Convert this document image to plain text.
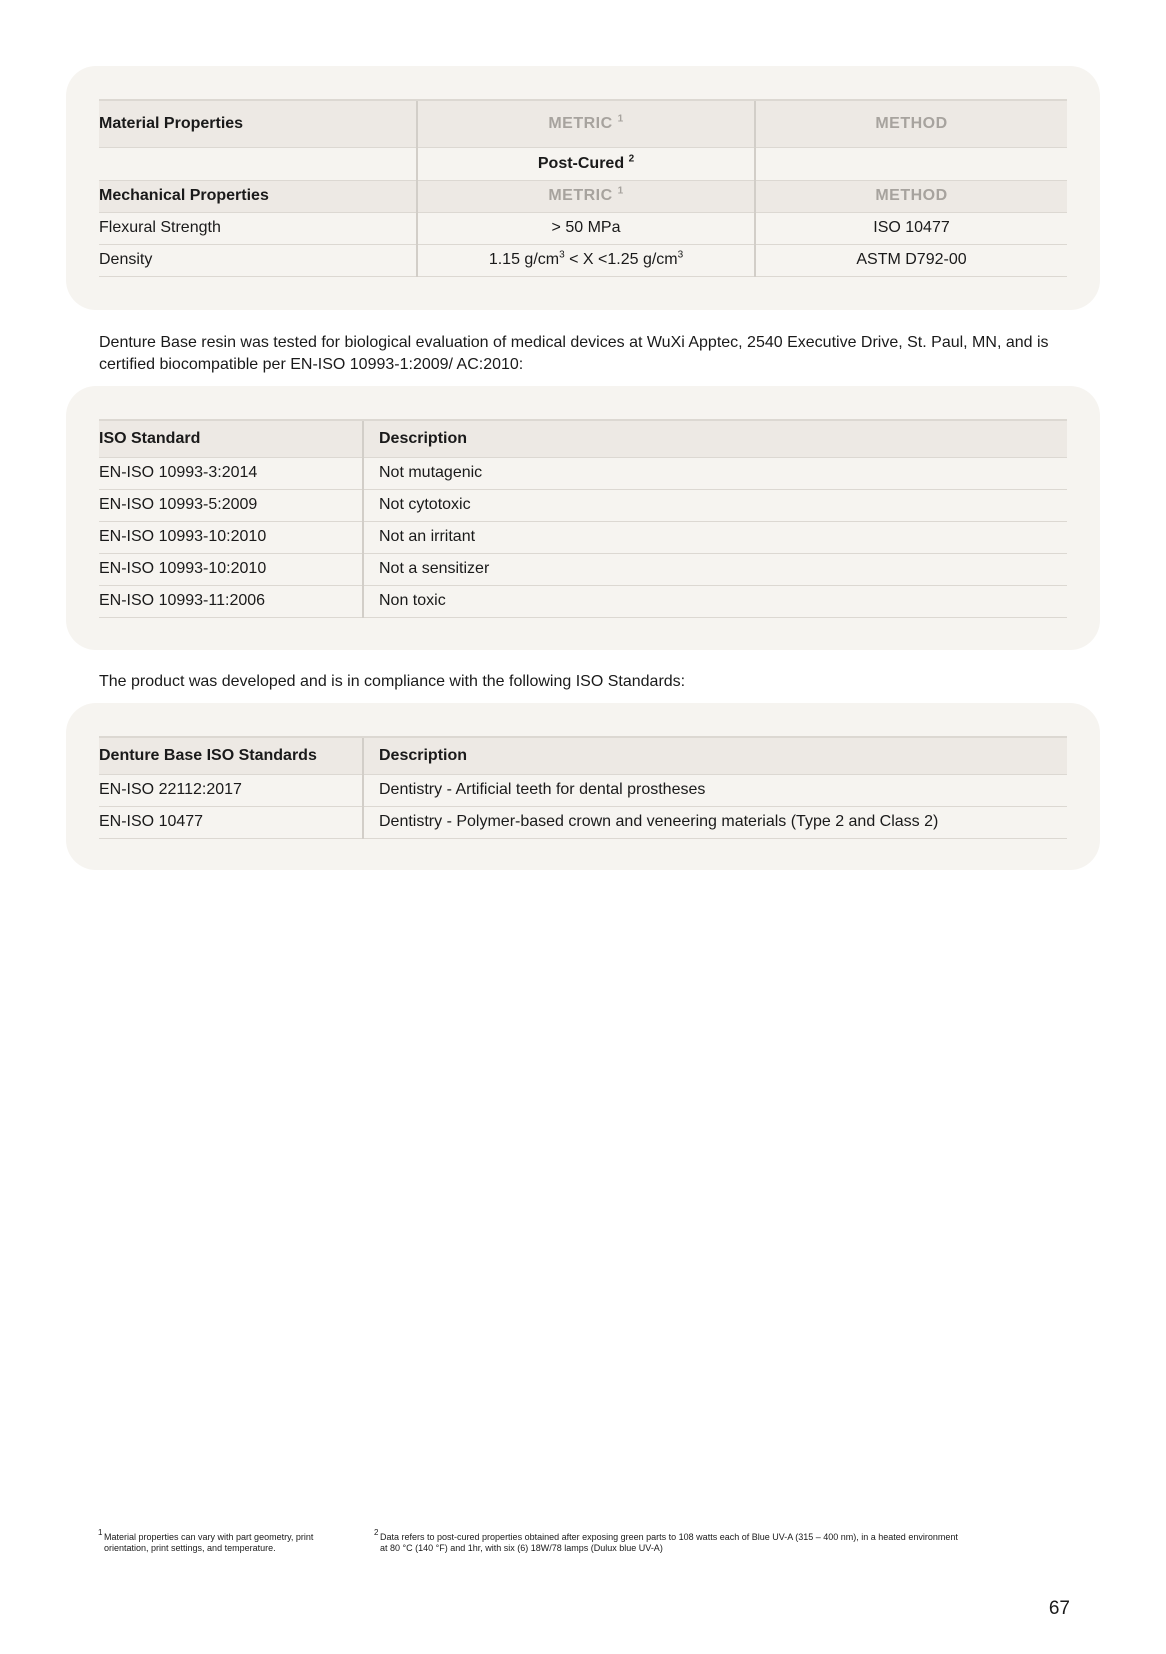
Material Properties	METRIC $^1$	METHOD
	Post-Cured $^2$	
Mechanical Properties	METRIC $^1$	METHOD
Flexural Strength	> 50 MPa	ISO 10477
Density	1.15 $g/cm^3 < X <1.25$ $g/cm^3$	ASTM D792-00

Denture Base resin was tested for biological evaluation of medical devices at WuXi Apptec, 2540 Executive Drive, St. Paul, MN, and is certified biocompatible per EN-ISO 10993-1:2009/ AC:2010:

ISO Standard	Description
EN-ISO 10993-3:2014	Not mutagenic
EN-ISO 10993-5:2009	Not cytotoxic
EN-ISO 10993-10:2010	Not an irritant
EN-ISO 10993-10:2010	Not a sensitizer
EN-ISO 10993-11:2006	Non toxic

The product was developed and is in compliance with the following ISO Standards:

Denture Base ISO Standards	Description
EN-ISO 22112:2017	Dentistry - Artificial teeth for dental prostheses
EN-ISO 10477	Dentistry - Polymer-based crown and veneering materials (Type 2 and Class 2)
1 Material properties can vary with part geometry, print orientation, print settings, and temperature.
2 Data refers to post-cured properties obtained after exposing green parts to 108 watts each of Blue UV-A (315 – 400 nm), in a heated environment at 80 °C (140 °F) and 1hr, with six (6) 18W/78 lamps (Dulux blue UV-A)
67
